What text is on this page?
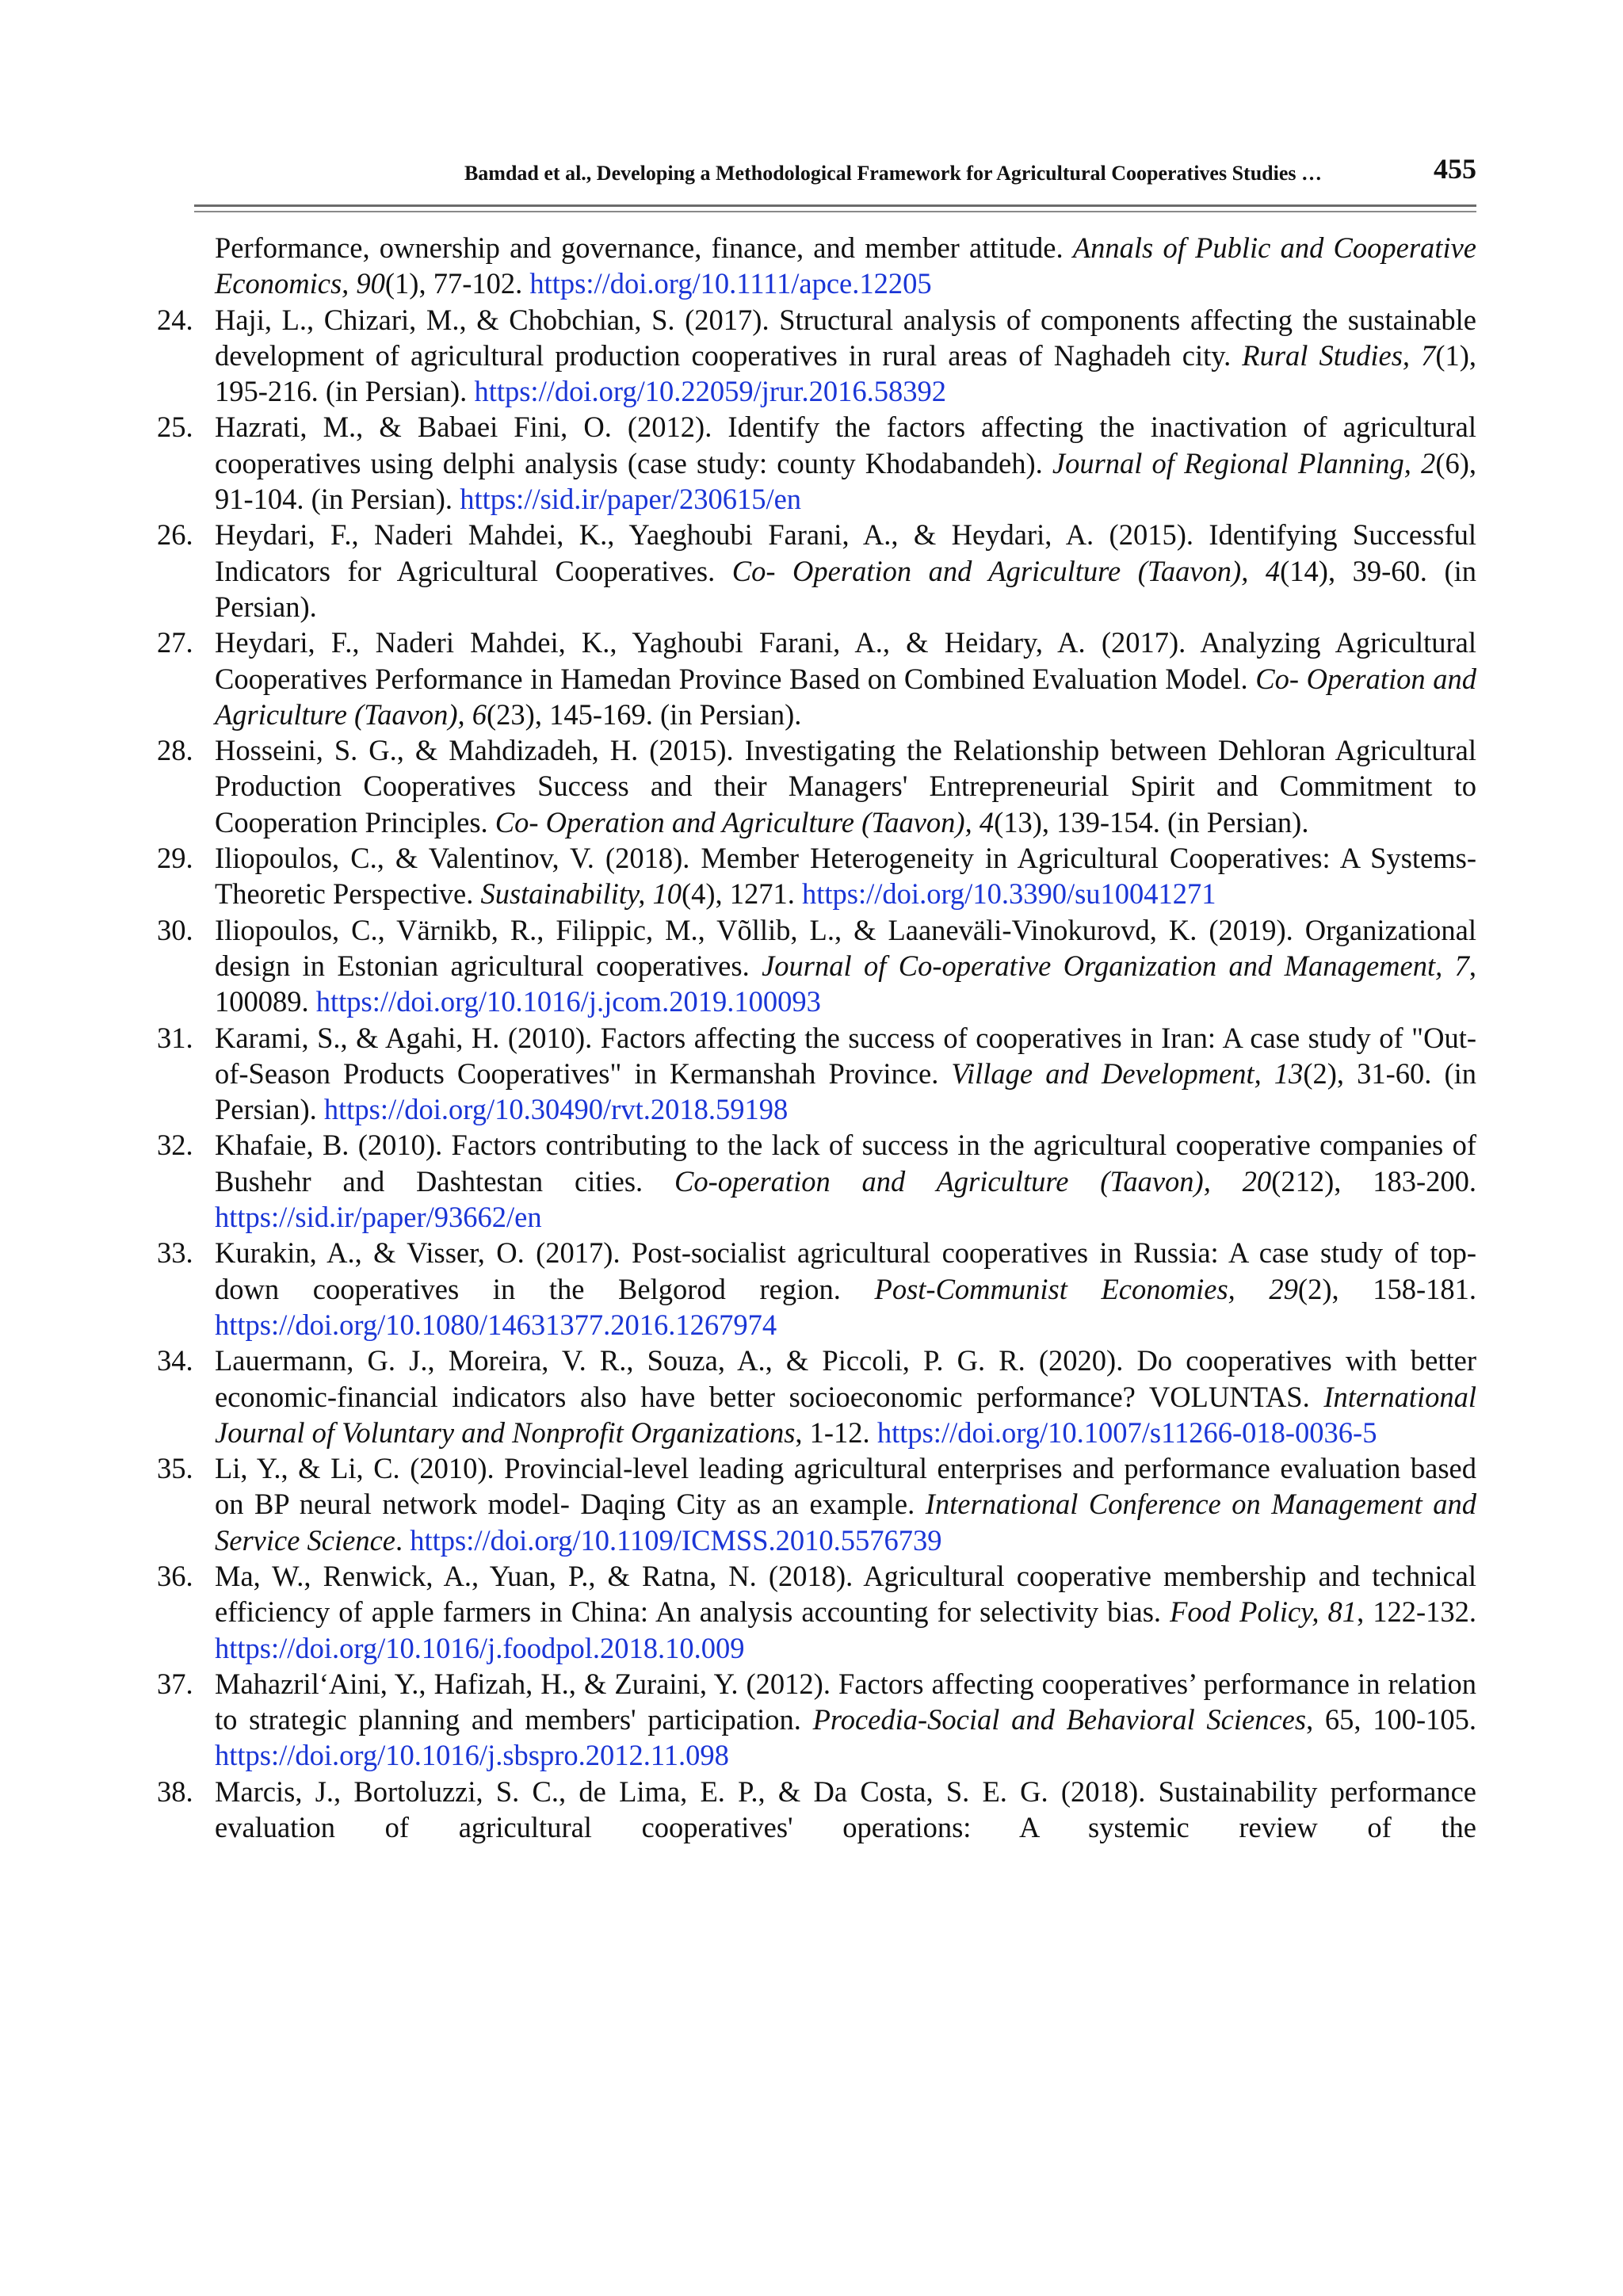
Bamdad et al., Developing a Methodological Framework for Agricultural Cooperatives Studies …	455
Performance, ownership and governance, finance, and member attitude. Annals of Public and Cooperative Economics, 90(1), 77-102. https://doi.org/10.1111/apce.12205
24. Haji, L., Chizari, M., & Chobchian, S. (2017). Structural analysis of components affecting the sustainable development of agricultural production cooperatives in rural areas of Naghadeh city. Rural Studies, 7(1), 195-216. (in Persian). https://doi.org/10.22059/jrur.2016.58392
25. Hazrati, M., & Babaei Fini, O. (2012). Identify the factors affecting the inactivation of agricultural cooperatives using delphi analysis (case study: county Khodabandeh). Journal of Regional Planning, 2(6), 91-104. (in Persian). https://sid.ir/paper/230615/en
26. Heydari, F., Naderi Mahdei, K., Yaeghoubi Farani, A., & Heydari, A. (2015). Identifying Successful Indicators for Agricultural Cooperatives. Co- Operation and Agriculture (Taavon), 4(14), 39-60. (in Persian).
27. Heydari, F., Naderi Mahdei, K., Yaghoubi Farani, A., & Heidary, A. (2017). Analyzing Agricultural Cooperatives Performance in Hamedan Province Based on Combined Evaluation Model. Co- Operation and Agriculture (Taavon), 6(23), 145-169. (in Persian).
28. Hosseini, S. G., & Mahdizadeh, H. (2015). Investigating the Relationship between Dehloran Agricultural Production Cooperatives Success and their Managers' Entrepreneurial Spirit and Commitment to Cooperation Principles. Co- Operation and Agriculture (Taavon), 4(13), 139-154. (in Persian).
29. Iliopoulos, C., & Valentinov, V. (2018). Member Heterogeneity in Agricultural Cooperatives: A Systems-Theoretic Perspective. Sustainability, 10(4), 1271. https://doi.org/10.3390/su10041271
30. Iliopoulos, C., Värnikb, R., Filippic, M., Võllib, L., & Laaneväli-Vinokurovd, K. (2019). Organizational design in Estonian agricultural cooperatives. Journal of Co-operative Organization and Management, 7, 100089. https://doi.org/10.1016/j.jcom.2019.100093
31. Karami, S., & Agahi, H. (2010). Factors affecting the success of cooperatives in Iran: A case study of "Out-of-Season Products Cooperatives" in Kermanshah Province. Village and Development, 13(2), 31-60. (in Persian). https://doi.org/10.30490/rvt.2018.59198
32. Khafaie, B. (2010). Factors contributing to the lack of success in the agricultural cooperative companies of Bushehr and Dashtestan cities. Co-operation and Agriculture (Taavon), 20(212), 183-200. https://sid.ir/paper/93662/en
33. Kurakin, A., & Visser, O. (2017). Post-socialist agricultural cooperatives in Russia: A case study of top-down cooperatives in the Belgorod region. Post-Communist Economies, 29(2), 158-181. https://doi.org/10.1080/14631377.2016.1267974
34. Lauermann, G. J., Moreira, V. R., Souza, A., & Piccoli, P. G. R. (2020). Do cooperatives with better economic-financial indicators also have better socioeconomic performance? VOLUNTAS. International Journal of Voluntary and Nonprofit Organizations, 1-12. https://doi.org/10.1007/s11266-018-0036-5
35. Li, Y., & Li, C. (2010). Provincial-level leading agricultural enterprises and performance evaluation based on BP neural network model- Daqing City as an example. International Conference on Management and Service Science. https://doi.org/10.1109/ICMSS.2010.5576739
36. Ma, W., Renwick, A., Yuan, P., & Ratna, N. (2018). Agricultural cooperative membership and technical efficiency of apple farmers in China: An analysis accounting for selectivity bias. Food Policy, 81, 122-132. https://doi.org/10.1016/j.foodpol.2018.10.009
37. Mahazril‘Aini, Y., Hafizah, H., & Zuraini, Y. (2012). Factors affecting cooperatives’ performance in relation to strategic planning and members' participation. Procedia-Social and Behavioral Sciences, 65, 100-105. https://doi.org/10.1016/j.sbspro.2012.11.098
38. Marcis, J., Bortoluzzi, S. C., de Lima, E. P., & Da Costa, S. E. G. (2018). Sustainability performance evaluation of agricultural cooperatives' operations: A systemic review of the
